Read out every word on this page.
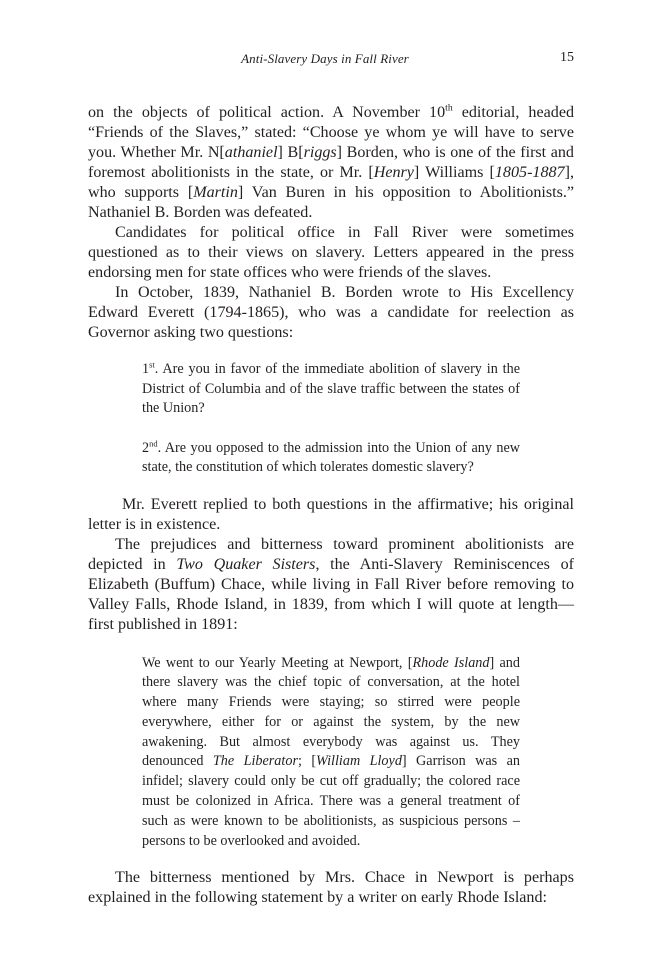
Anti-Slavery Days in Fall River	15

on the objects of political action. A November 10th editorial, headed “Friends of the Slaves,” stated: “Choose ye whom ye will have to serve you. Whether Mr. N[athaniel] B[riggs] Borden, who is one of the first and foremost abolitionists in the state, or Mr. [Henry] Williams [1805-1887], who supports [Martin] Van Buren in his opposition to Abolitionists.” Nathaniel B. Borden was defeated.

Candidates for political office in Fall River were sometimes questioned as to their views on slavery. Letters appeared in the press endorsing men for state offices who were friends of the slaves.

In October, 1839, Nathaniel B. Borden wrote to His Excellency Edward Everett (1794-1865), who was a candidate for reelection as Governor asking two questions:

1st. Are you in favor of the immediate abolition of slavery in the District of Columbia and of the slave traffic between the states of the Union?

2nd. Are you opposed to the admission into the Union of any new state, the constitution of which tolerates domestic slavery?

Mr. Everett replied to both questions in the affirmative; his original letter is in existence.

The prejudices and bitterness toward prominent abolitionists are depicted in Two Quaker Sisters, the Anti-Slavery Reminiscences of Elizabeth (Buffum) Chace, while living in Fall River before removing to Valley Falls, Rhode Island, in 1839, from which I will quote at length—first published in 1891:

We went to our Yearly Meeting at Newport, [Rhode Island] and there slavery was the chief topic of conversation, at the hotel where many Friends were staying; so stirred were people everywhere, either for or against the system, by the new awakening. But almost everybody was against us. They denounced The Liberator; [William Lloyd] Garrison was an infidel; slavery could only be cut off gradually; the colored race must be colonized in Africa. There was a general treatment of such as were known to be abolitionists, as suspicious persons – persons to be overlooked and avoided.

The bitterness mentioned by Mrs. Chace in Newport is perhaps explained in the following statement by a writer on early Rhode Island:
